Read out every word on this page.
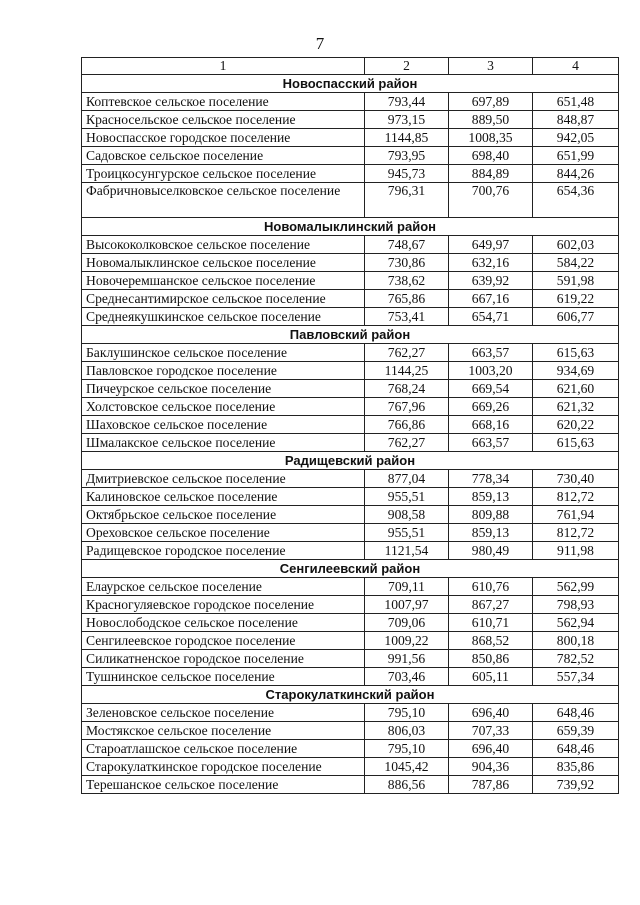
7
1	2	3	4
Новоспасский район			
Коптевское сельское поселение	793,44	697,89	651,48
Красносельское сельское поселение	973,15	889,50	848,87
Новоспасское городское поселение	1144,85	1008,35	942,05
Садовское сельское поселение	793,95	698,40	651,99
Троицкосунгурское сельское поселение	945,73	884,89	844,26
Фабричновыселковское сельское поселение	796,31	700,76	654,36
Новомалыклинский район			
Высококолковское сельское поселение	748,67	649,97	602,03
Новомалыклинское сельское поселение	730,86	632,16	584,22
Новочеремшанское сельское поселение	738,62	639,92	591,98
Среднесантимирское сельское поселение	765,86	667,16	619,22
Среднеякушкинское сельское поселение	753,41	654,71	606,77
Павловский район			
Баклушинское сельское поселение	762,27	663,57	615,63
Павловское городское поселение	1144,25	1003,20	934,69
Пичеурское сельское поселение	768,24	669,54	621,60
Холстовское сельское поселение	767,96	669,26	621,32
Шаховское сельское поселение	766,86	668,16	620,22
Шмалакское сельское поселение	762,27	663,57	615,63
Радищевский район			
Дмитриевское сельское поселение	877,04	778,34	730,40
Калиновское сельское поселение	955,51	859,13	812,72
Октябрьское сельское поселение	908,58	809,88	761,94
Ореховское сельское поселение	955,51	859,13	812,72
Радищевское городское поселение	1121,54	980,49	911,98
Сенгилеевский район			
Елаурское сельское поселение	709,11	610,76	562,99
Красногуляевское городское поселение	1007,97	867,27	798,93
Новослободское сельское поселение	709,06	610,71	562,94
Сенгилеевское городское поселение	1009,22	868,52	800,18
Силикатненское городское поселение	991,56	850,86	782,52
Тушнинское сельское поселение	703,46	605,11	557,34
Старокулаткинский район			
Зеленовское сельское поселение	795,10	696,40	648,46
Мостякское сельское поселение	806,03	707,33	659,39
Староатлашское сельское поселение	795,10	696,40	648,46
Старокулаткинское городское поселение	1045,42	904,36	835,86
Терешанское сельское поселение	886,56	787,86	739,92
